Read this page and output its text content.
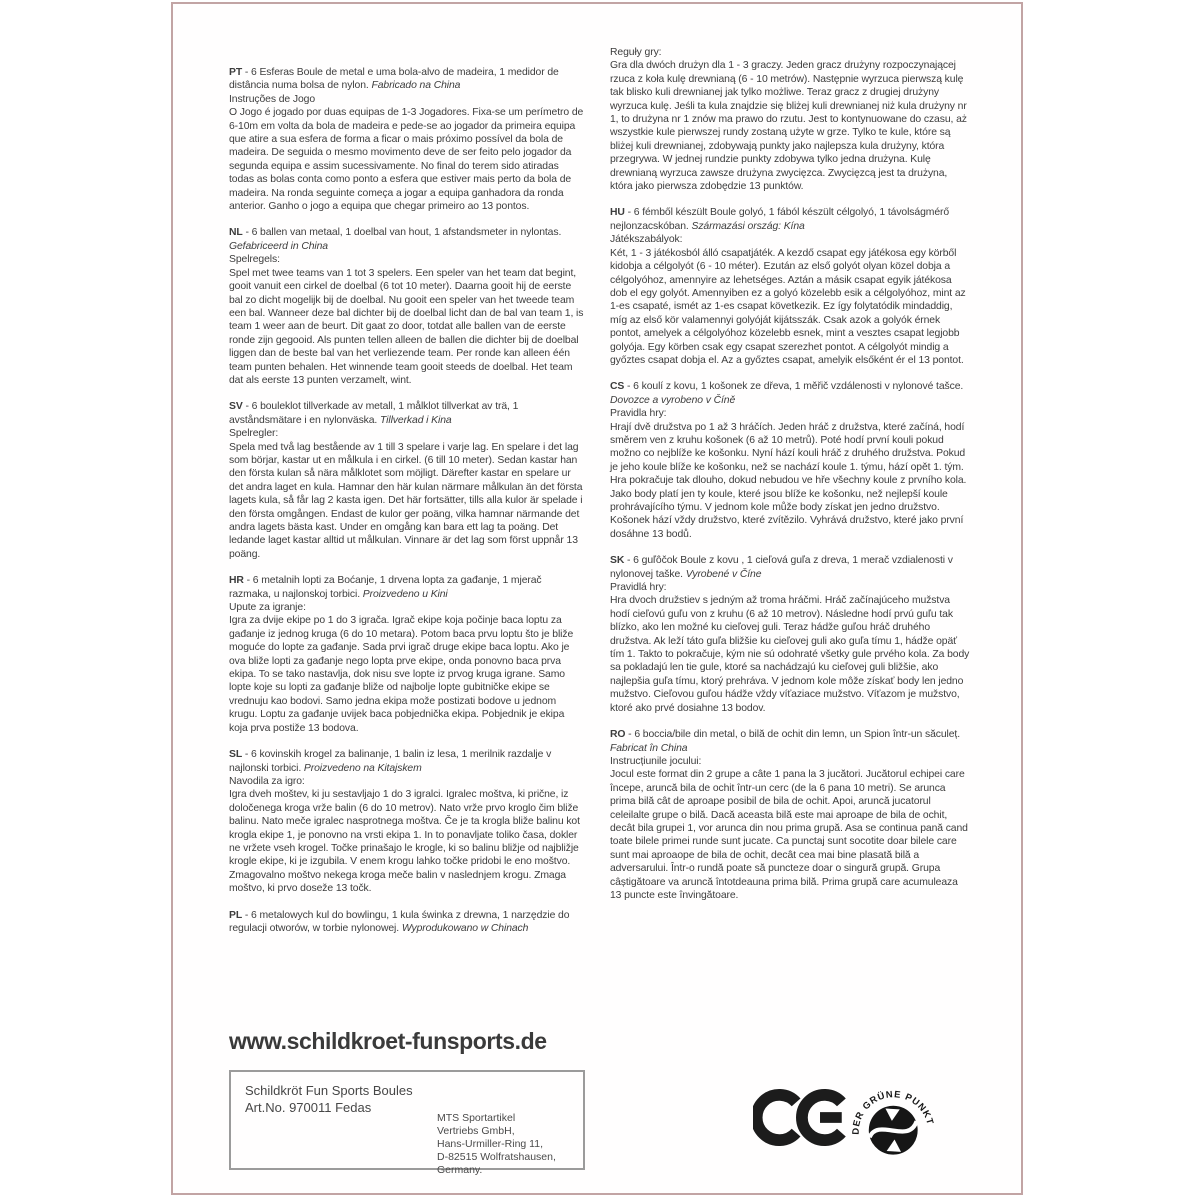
PT - 6 Esferas Boule de metal e uma bola-alvo de madeira, 1 medidor de distância numa bolsa de nylon. Fabricado na China

Instruções de Jogo

O Jogo é jogado por duas equipas de 1-3 Jogadores. Fixa-se um perímetro de 6-10m em volta da bola de madeira e pede-se ao jogador da primeira equipa que atire a sua esfera de forma a ficar o mais próximo possível da bola de madeira. De seguida o mesmo movimento deve de ser feito pelo jogador da segunda equipa e assim sucessivamente. No final do terem sido atiradas todas as bolas conta como ponto a esfera que estiver mais perto da bola de madeira. Na ronda seguinte começa a jogar a equipa ganhadora da ronda anterior. Ganho o jogo a equipa que chegar primeiro ao 13 pontos.

NL - 6 ballen van metaal, 1 doelbal van hout, 1 afstandsmeter in nylontas. Gefabriceerd in China

Spelregels:

Spel met twee teams van 1 tot 3 spelers. Een speler van het team dat begint, gooit vanuit een cirkel de doelbal (6 tot 10 meter). Daarna gooit hij de eerste bal zo dicht mogelijk bij de doelbal. Nu gooit een speler van het tweede team een bal. Wanneer deze bal dichter bij de doelbal licht dan de bal van team 1, is team 1 weer aan de beurt. Dit gaat zo door, totdat alle ballen van de eerste ronde zijn gegooid. Als punten tellen alleen de ballen die dichter bij de doelbal liggen dan de beste bal van het verliezende team. Per ronde kan alleen één team punten behalen. Het winnende team gooit steeds de doelbal. Het team dat als eerste 13 punten verzamelt, wint.

SV - 6 bouleklot tillverkade av metall, 1 målklot tillverkat av trä, 1 avståndsmätare i en nylonväska. Tillverkad i Kina

Spelregler:

Spela med två lag bestående av 1 till 3 spelare i varje lag. En spelare i det lag som börjar, kastar ut en målkula i en cirkel. (6 till 10 meter). Sedan kastar han den första kulan så nära målklotet som möjligt. Därefter kastar en spelare ur det andra laget en kula. Hamnar den här kulan närmare målkulan än det första lagets kula, så får lag 2 kasta igen. Det här fortsätter, tills alla kulor är spelade i den första omgången. Endast de kulor ger poäng, vilka hamnar närmande det andra lagets bästa kast. Under en omgång kan bara ett lag ta poäng. Det ledande laget kastar alltid ut målkulan. Vinnare är det lag som först uppnår 13 poäng.

HR - 6 metalnih lopti za Boćanje, 1 drvena lopta za gađanje, 1 mjerač razmaka, u najlonskoj torbici. Proizvedeno u Kini

Upute za igranje:

Igra za dvije ekipe po 1 do 3 igrača. Igrač ekipe koja počinje baca loptu za gađanje iz jednog kruga (6 do 10 metara). Potom baca prvu loptu što je bliže moguće do lopte za gađanje. Sada prvi igrač druge ekipe baca loptu. Ako je ova bliže lopti za gađanje nego lopta prve ekipe, onda ponovno baca prva ekipa. To se tako nastavlja, dok nisu sve lopte iz prvog kruga igrane. Samo lopte koje su lopti za gađanje bliže od najbolje lopte gubitničke ekipe se vrednuju kao bodovi. Samo jedna ekipa može postizati bodove u jednom krugu. Loptu za gađanje uvijek baca pobjednička ekipa. Pobjednik je ekipa koja prva postiže 13 bodova.

SL - 6 kovinskih krogel za balinanje, 1 balin iz lesa, 1 merilnik razdalje v najlonski torbici. Proizvedeno na Kitajskem

Navodila za igro:

Igra dveh moštev, ki ju sestavljajo 1 do 3 igralci. Igralec moštva, ki prične, iz določenega kroga vrže balin (6 do 10 metrov). Nato vrže prvo kroglo čim bliže balinu. Nato meče igralec nasprotnega moštva. Če je ta krogla bliže balinu kot krogla ekipe 1, je ponovno na vrsti ekipa 1. In to ponavljate toliko časa, dokler ne vržete vseh krogel. Točke prinašajo le krogle, ki so balinu bližje od najbližje krogle ekipe, ki je izgubila. V enem krogu lahko točke pridobi le eno moštvo. Zmagovalno moštvo nekega kroga meče balin v naslednjem krogu. Zmaga moštvo, ki prvo doseže 13 točk.

PL - 6 metalowych kul do bowlingu, 1 kula świnka z drewna, 1 narzędzie do regulacji otworów, w torbie nylonowej. Wyprodukowano w Chinach

Reguły gry:

Gra dla dwóch drużyn dla 1 - 3 graczy. Jeden gracz drużyny rozpoczynającej rzuca z koła kulę drewnianą (6 - 10 metrów). Następnie wyrzuca pierwszą kulę tak blisko kuli drewnianej jak tylko możliwe. Teraz gracz z drugiej drużyny wyrzuca kulę. Jeśli ta kula znajdzie się bliżej kuli drewnianej niż kula drużyny nr 1, to drużyna nr 1 znów ma prawo do rzutu. Jest to kontynuowane do czasu, aż wszystkie kule pierwszej rundy zostaną użyte w grze. Tylko te kule, które są bliżej kuli drewnianej, zdobywają punkty jako najlepsza kula drużyny, która przegrywa. W jednej rundzie punkty zdobywa tylko jedna drużyna. Kulę drewnianą wyrzuca zawsze drużyna zwycięzca. Zwycięzcą jest ta drużyna, która jako pierwsza zdobędzie 13 punktów.

HU - 6 fémből készült Boule golyó, 1 fából készült célgolyó, 1 távolságmérő nejlonzacskóban. Származási ország: Kína

Játékszabályok:

Két, 1 - 3 játékosból álló csapatjáték. A kezdő csapat egy játékosa egy körből kidobja a célgolyót (6 - 10 méter). Ezután az első golyót olyan közel dobja a célgolyóhoz, amennyire az lehetséges. Aztán a másik csapat egyik játékosa dob el egy golyót. Amennyiben ez a golyó közelebb esik a célgolyóhoz, mint az 1-es csapaté, ismét az 1-es csapat következik. Ez így folytatódik mindaddig, míg az első kör valamennyi golyóját kijátsszák. Csak azok a golyók érnek pontot, amelyek a célgolyóhoz közelebb esnek, mint a vesztes csapat legjobb golyója. Egy körben csak egy csapat szerezhet pontot. A célgolyót mindig a győztes csapat dobja el. Az a győztes csapat, amelyik elsőként ér el 13 pontot.

CS - 6 koulí z kovu, 1 košonek ze dřeva, 1 měřič vzdálenosti v nylonové tašce. Dovozce a vyrobeno v Číně

Pravidla hry:

Hrají dvě družstva po 1 až 3 hráčích. Jeden hráč z družstva, které začíná, hodí směrem ven z kruhu košonek (6 až 10 metrů). Poté hodí první kouli pokud možno co nejblíže ke košonku. Nyní hází kouli hráč z druhého družstva. Pokud je jeho koule blíže ke košonku, než se nachází koule 1. týmu, hází opět 1. tým. Hra pokračuje tak dlouho, dokud nebudou ve hře všechny koule z prvního kola. Jako body platí jen ty koule, které jsou blíže ke košonku, než nejlepší koule prohrávajícího týmu. V jednom kole může body získat jen jedno družstvo. Košonek hází vždy družstvo, které zvítězilo. Vyhrává družstvo, které jako první dosáhne 13 bodů.

SK - 6 guľôčok Boule z kovu , 1 cieľová guľa z dreva, 1 merač vzdialenosti v nylonovej taške. Vyrobené v Číne

Pravidlá hry:

Hra dvoch družstiev s jedným až troma hráčmi. Hráč začínajúceho mužstva hodí cieľovú guľu von z kruhu (6 až 10 metrov). Následne hodí prvú guľu tak blízko, ako len možné ku cieľovej guli. Teraz hádže guľou hráč druhého družstva. Ak leží táto guľa bližšie ku cieľovej guli ako guľa tímu 1, hádže opäť tím 1. Takto to pokračuje, kým nie sú odohraté všetky gule prvého kola. Za body sa pokladajú len tie gule, ktoré sa nachádzajú ku cieľovej guli bližšie, ako najlepšia guľa tímu, ktorý prehráva. V jednom kole môže získať body len jedno mužstvo. Cieľovou guľou hádže vždy víťaziace mužstvo. Víťazom je mužstvo, ktoré ako prvé dosiahne 13 bodov.

RO - 6 boccia/bile din metal, o bilă de ochit din lemn, un Spion într-un săculeț. Fabricat în China

Instrucțiunile jocului:

Jocul este format din 2 grupe a câte 1 pana la 3 jucători. Jucătorul echipei care începe, aruncă bila de ochit într-un cerc (de la 6 pana 10 metri). Se arunca prima bilă cât de aproape posibil de bila de ochit. Apoi, aruncă jucatorul celeilalte grupe o bilă. Dacă aceasta bilă este mai aproape de bila de ochit, decât bila grupei 1, vor arunca din nou prima grupă. Asa se continua pană cand toate bilele primei runde sunt jucate. Ca punctaj sunt socotite doar bilele care sunt mai aproaope de bila de ochit, decât cea mai bine plasată bilă a adversarului. Într-o rundă poate să puncteze doar o singură grupă. Grupa câștigătoare va aruncă întotdeauna prima bilă. Prima grupă care acumuleaza 13 puncte este învingătoare.

www.schildkroet-funsports.de

Schildkröt Fun Sports Boules

Art.No. 970011 Fedas

MTS Sportartikel

Vertriebs GmbH,

Hans-Urmiller-Ring 11,

D-82515 Wolfratshausen,

Germany.

DER GRÜNE PUNKT
